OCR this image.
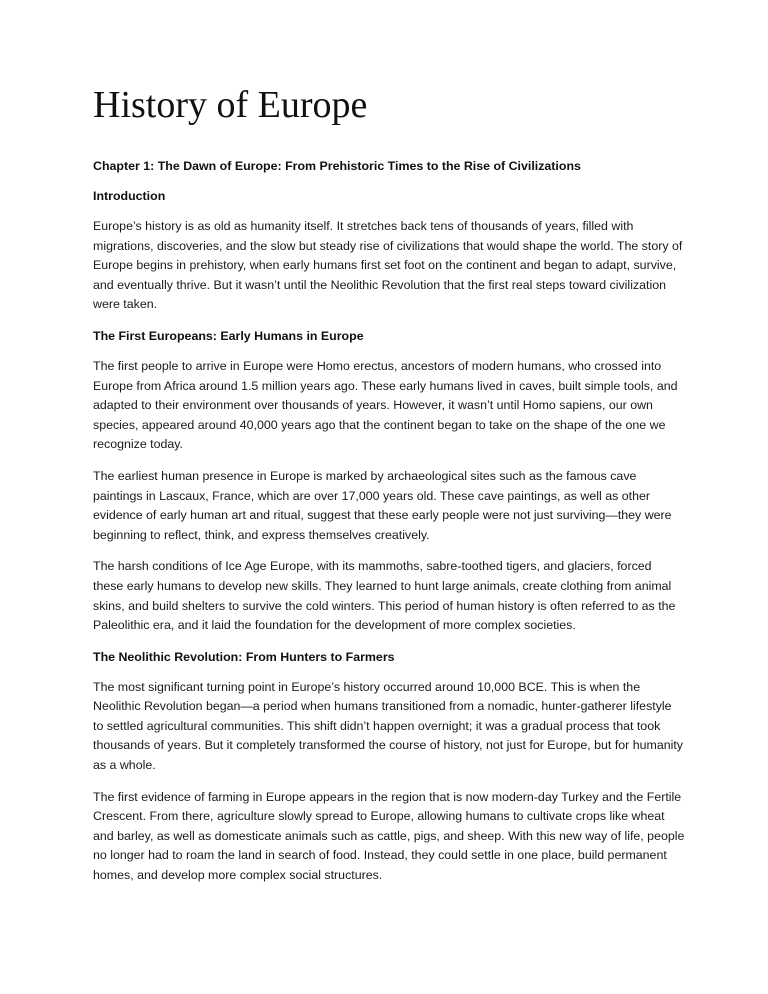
History of Europe

Chapter 1: The Dawn of Europe: From Prehistoric Times to the Rise of Civilizations

Introduction

Europe’s history is as old as humanity itself. It stretches back tens of thousands of years, filled with migrations, discoveries, and the slow but steady rise of civilizations that would shape the world. The story of Europe begins in prehistory, when early humans first set foot on the continent and began to adapt, survive, and eventually thrive. But it wasn’t until the Neolithic Revolution that the first real steps toward civilization were taken.

The First Europeans: Early Humans in Europe

The first people to arrive in Europe were Homo erectus, ancestors of modern humans, who crossed into Europe from Africa around 1.5 million years ago. These early humans lived in caves, built simple tools, and adapted to their environment over thousands of years. However, it wasn’t until Homo sapiens, our own species, appeared around 40,000 years ago that the continent began to take on the shape of the one we recognize today.

The earliest human presence in Europe is marked by archaeological sites such as the famous cave paintings in Lascaux, France, which are over 17,000 years old. These cave paintings, as well as other evidence of early human art and ritual, suggest that these early people were not just surviving—they were beginning to reflect, think, and express themselves creatively.

The harsh conditions of Ice Age Europe, with its mammoths, sabre-toothed tigers, and glaciers, forced these early humans to develop new skills. They learned to hunt large animals, create clothing from animal skins, and build shelters to survive the cold winters. This period of human history is often referred to as the Paleolithic era, and it laid the foundation for the development of more complex societies.

The Neolithic Revolution: From Hunters to Farmers

The most significant turning point in Europe’s history occurred around 10,000 BCE. This is when the Neolithic Revolution began—a period when humans transitioned from a nomadic, hunter-gatherer lifestyle to settled agricultural communities. This shift didn’t happen overnight; it was a gradual process that took thousands of years. But it completely transformed the course of history, not just for Europe, but for humanity as a whole.

The first evidence of farming in Europe appears in the region that is now modern-day Turkey and the Fertile Crescent. From there, agriculture slowly spread to Europe, allowing humans to cultivate crops like wheat and barley, as well as domesticate animals such as cattle, pigs, and sheep. With this new way of life, people no longer had to roam the land in search of food. Instead, they could settle in one place, build permanent homes, and develop more complex social structures.
